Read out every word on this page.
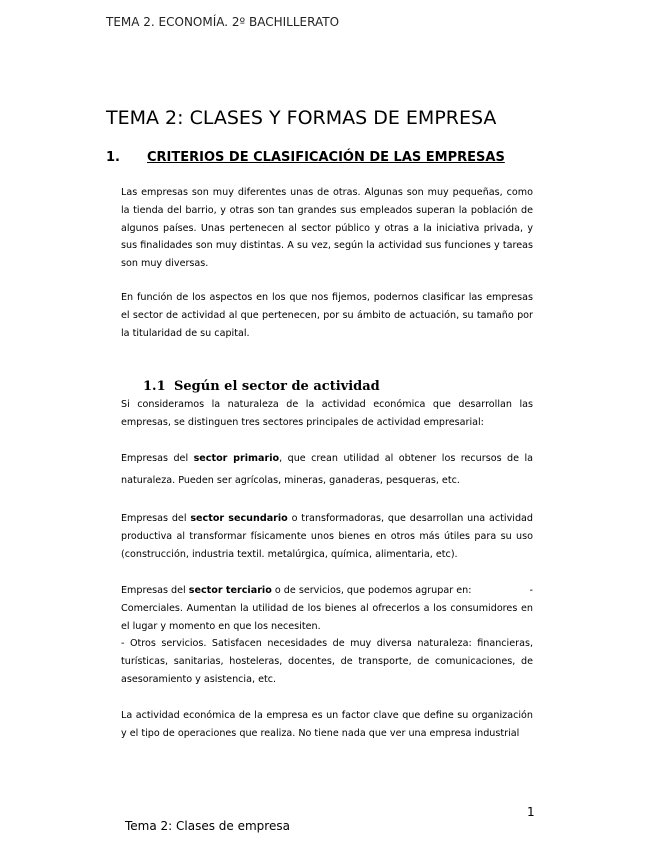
TEMA 2. ECONOMÍA. 2º BACHILLERATO
TEMA 2: CLASES Y FORMAS DE EMPRESA
1. CRITERIOS DE CLASIFICACIÓN DE LAS EMPRESAS

Las empresas son muy diferentes unas de otras. Algunas son muy pequeñas, como la tienda del barrio, y otras son tan grandes sus empleados superan la población de algunos países. Unas pertenecen al sector público y otras a la iniciativa privada, y sus finalidades son muy distintas. A su vez, según la actividad sus funciones y tareas son muy diversas.

En función de los aspectos en los que nos fijemos, podernos clasificar las empresas el sector de actividad al que pertenecen, por su ámbito de actuación, su tamaño por la titularidad de su capital.

1.1 Según el sector de actividad

Si consideramos la naturaleza de la actividad económica que desarrollan las empresas, se distinguen tres sectores principales de actividad empresarial:

Empresas del sector primario, que crean utilidad al obtener los recursos de la naturaleza. Pueden ser agrícolas, mineras, ganaderas, pesqueras, etc.

Empresas del sector secundario o transformadoras, que desarrollan una actividad productiva al transformar físicamente unos bienes en otros más útiles para su uso (construcción, industria textil. metalúrgica, química, alimentaria, etc).

Empresas del sector terciario o de servicios, que podemos agrupar en:	-
Comerciales. Aumentan la utilidad de los bienes al ofrecerlos a los consumidores en el lugar y momento en que los necesiten.
- Otros servicios. Satisfacen necesidades de muy diversa naturaleza: financieras, turísticas, sanitarias, hosteleras, docentes, de transporte, de comunicaciones, de asesoramiento y asistencia, etc.

La actividad económica de la empresa es un factor clave que define su organización y el tipo de operaciones que realiza. No tiene nada que ver una empresa industrial

1
Tema 2: Clases de empresa
